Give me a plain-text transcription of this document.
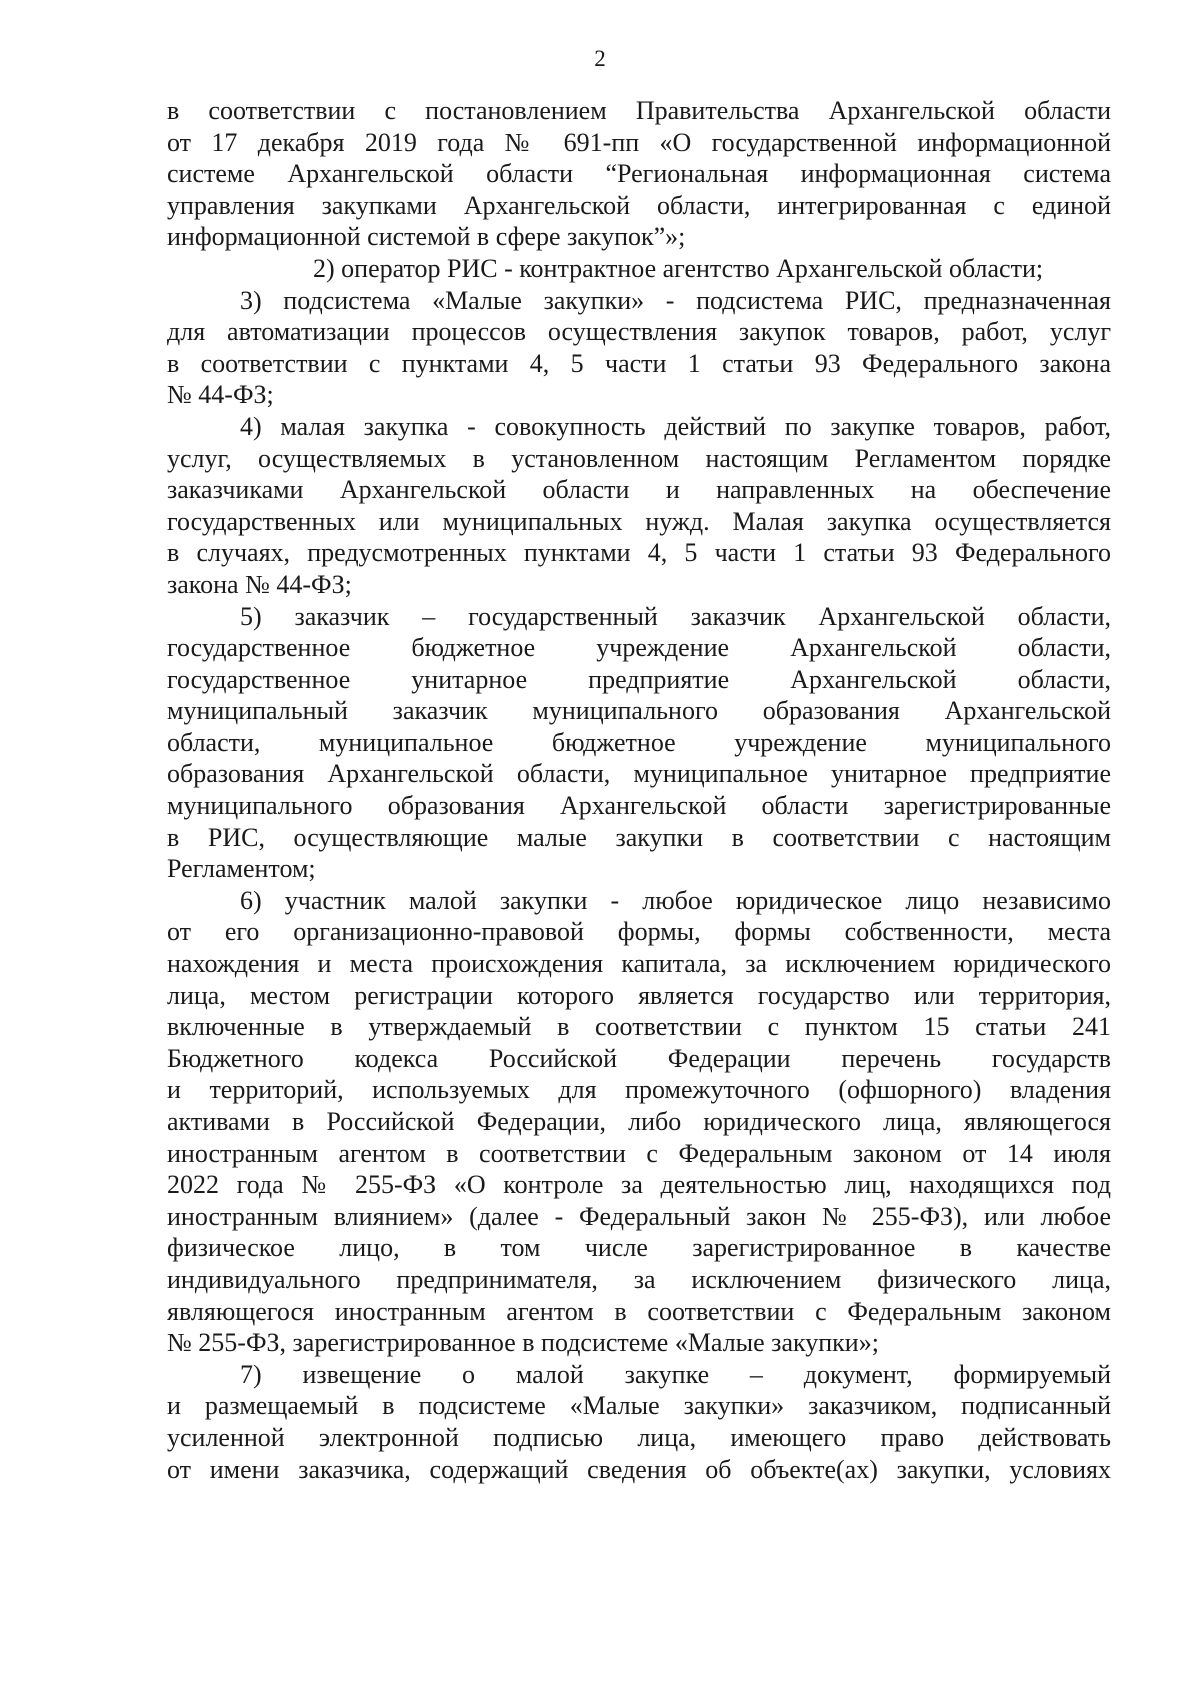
2
в соответствии с постановлением Правительства Архангельской области
от 17 декабря 2019 года № 691-пп «О государственной информационной
системе Архангельской области “Региональная информационная система
управления закупками Архангельской области, интегрированная с единой
информационной системой в сфере закупок”»;
2) оператор РИС - контрактное агентство Архангельской области;
3) подсистема «Малые закупки» - подсистема РИС, предназначенная
для автоматизации процессов осуществления закупок товаров, работ, услуг
в соответствии с пунктами 4, 5 части 1 статьи 93 Федерального закона
№ 44-ФЗ;
4) малая закупка - совокупность действий по закупке товаров, работ,
услуг, осуществляемых в установленном настоящим Регламентом порядке
заказчиками Архангельской области и направленных на обеспечение
государственных или муниципальных нужд. Малая закупка осуществляется
в случаях, предусмотренных пунктами 4, 5 части 1 статьи 93 Федерального
закона № 44-ФЗ;
5) заказчик – государственный заказчик Архангельской области,
государственное бюджетное учреждение Архангельской области,
государственное унитарное предприятие Архангельской области,
муниципальный заказчик муниципального образования Архангельской
области, муниципальное бюджетное учреждение муниципального
образования Архангельской области, муниципальное унитарное предприятие
муниципального образования Архангельской области зарегистрированные
в РИС, осуществляющие малые закупки в соответствии с настоящим
Регламентом;
6) участник малой закупки - любое юридическое лицо независимо
от его организационно-правовой формы, формы собственности, места
нахождения и места происхождения капитала, за исключением юридического
лица, местом регистрации которого является государство или территория,
включенные в утверждаемый в соответствии с пунктом 15 статьи 241
Бюджетного кодекса Российской Федерации перечень государств
и территорий, используемых для промежуточного (офшорного) владения
активами в Российской Федерации, либо юридического лица, являющегося
иностранным агентом в соответствии с Федеральным законом от 14 июля
2022 года № 255-ФЗ «О контроле за деятельностью лиц, находящихся под
иностранным влиянием» (далее - Федеральный закон № 255-ФЗ), или любое
физическое лицо, в том числе зарегистрированное в качестве
индивидуального предпринимателя, за исключением физического лица,
являющегося иностранным агентом в соответствии с Федеральным законом
№ 255-ФЗ, зарегистрированное в подсистеме «Малые закупки»;
7) извещение о малой закупке – документ, формируемый
и размещаемый в подсистеме «Малые закупки» заказчиком, подписанный
усиленной электронной подписью лица, имеющего право действовать
от имени заказчика, содержащий сведения об объекте(ах) закупки, условиях
